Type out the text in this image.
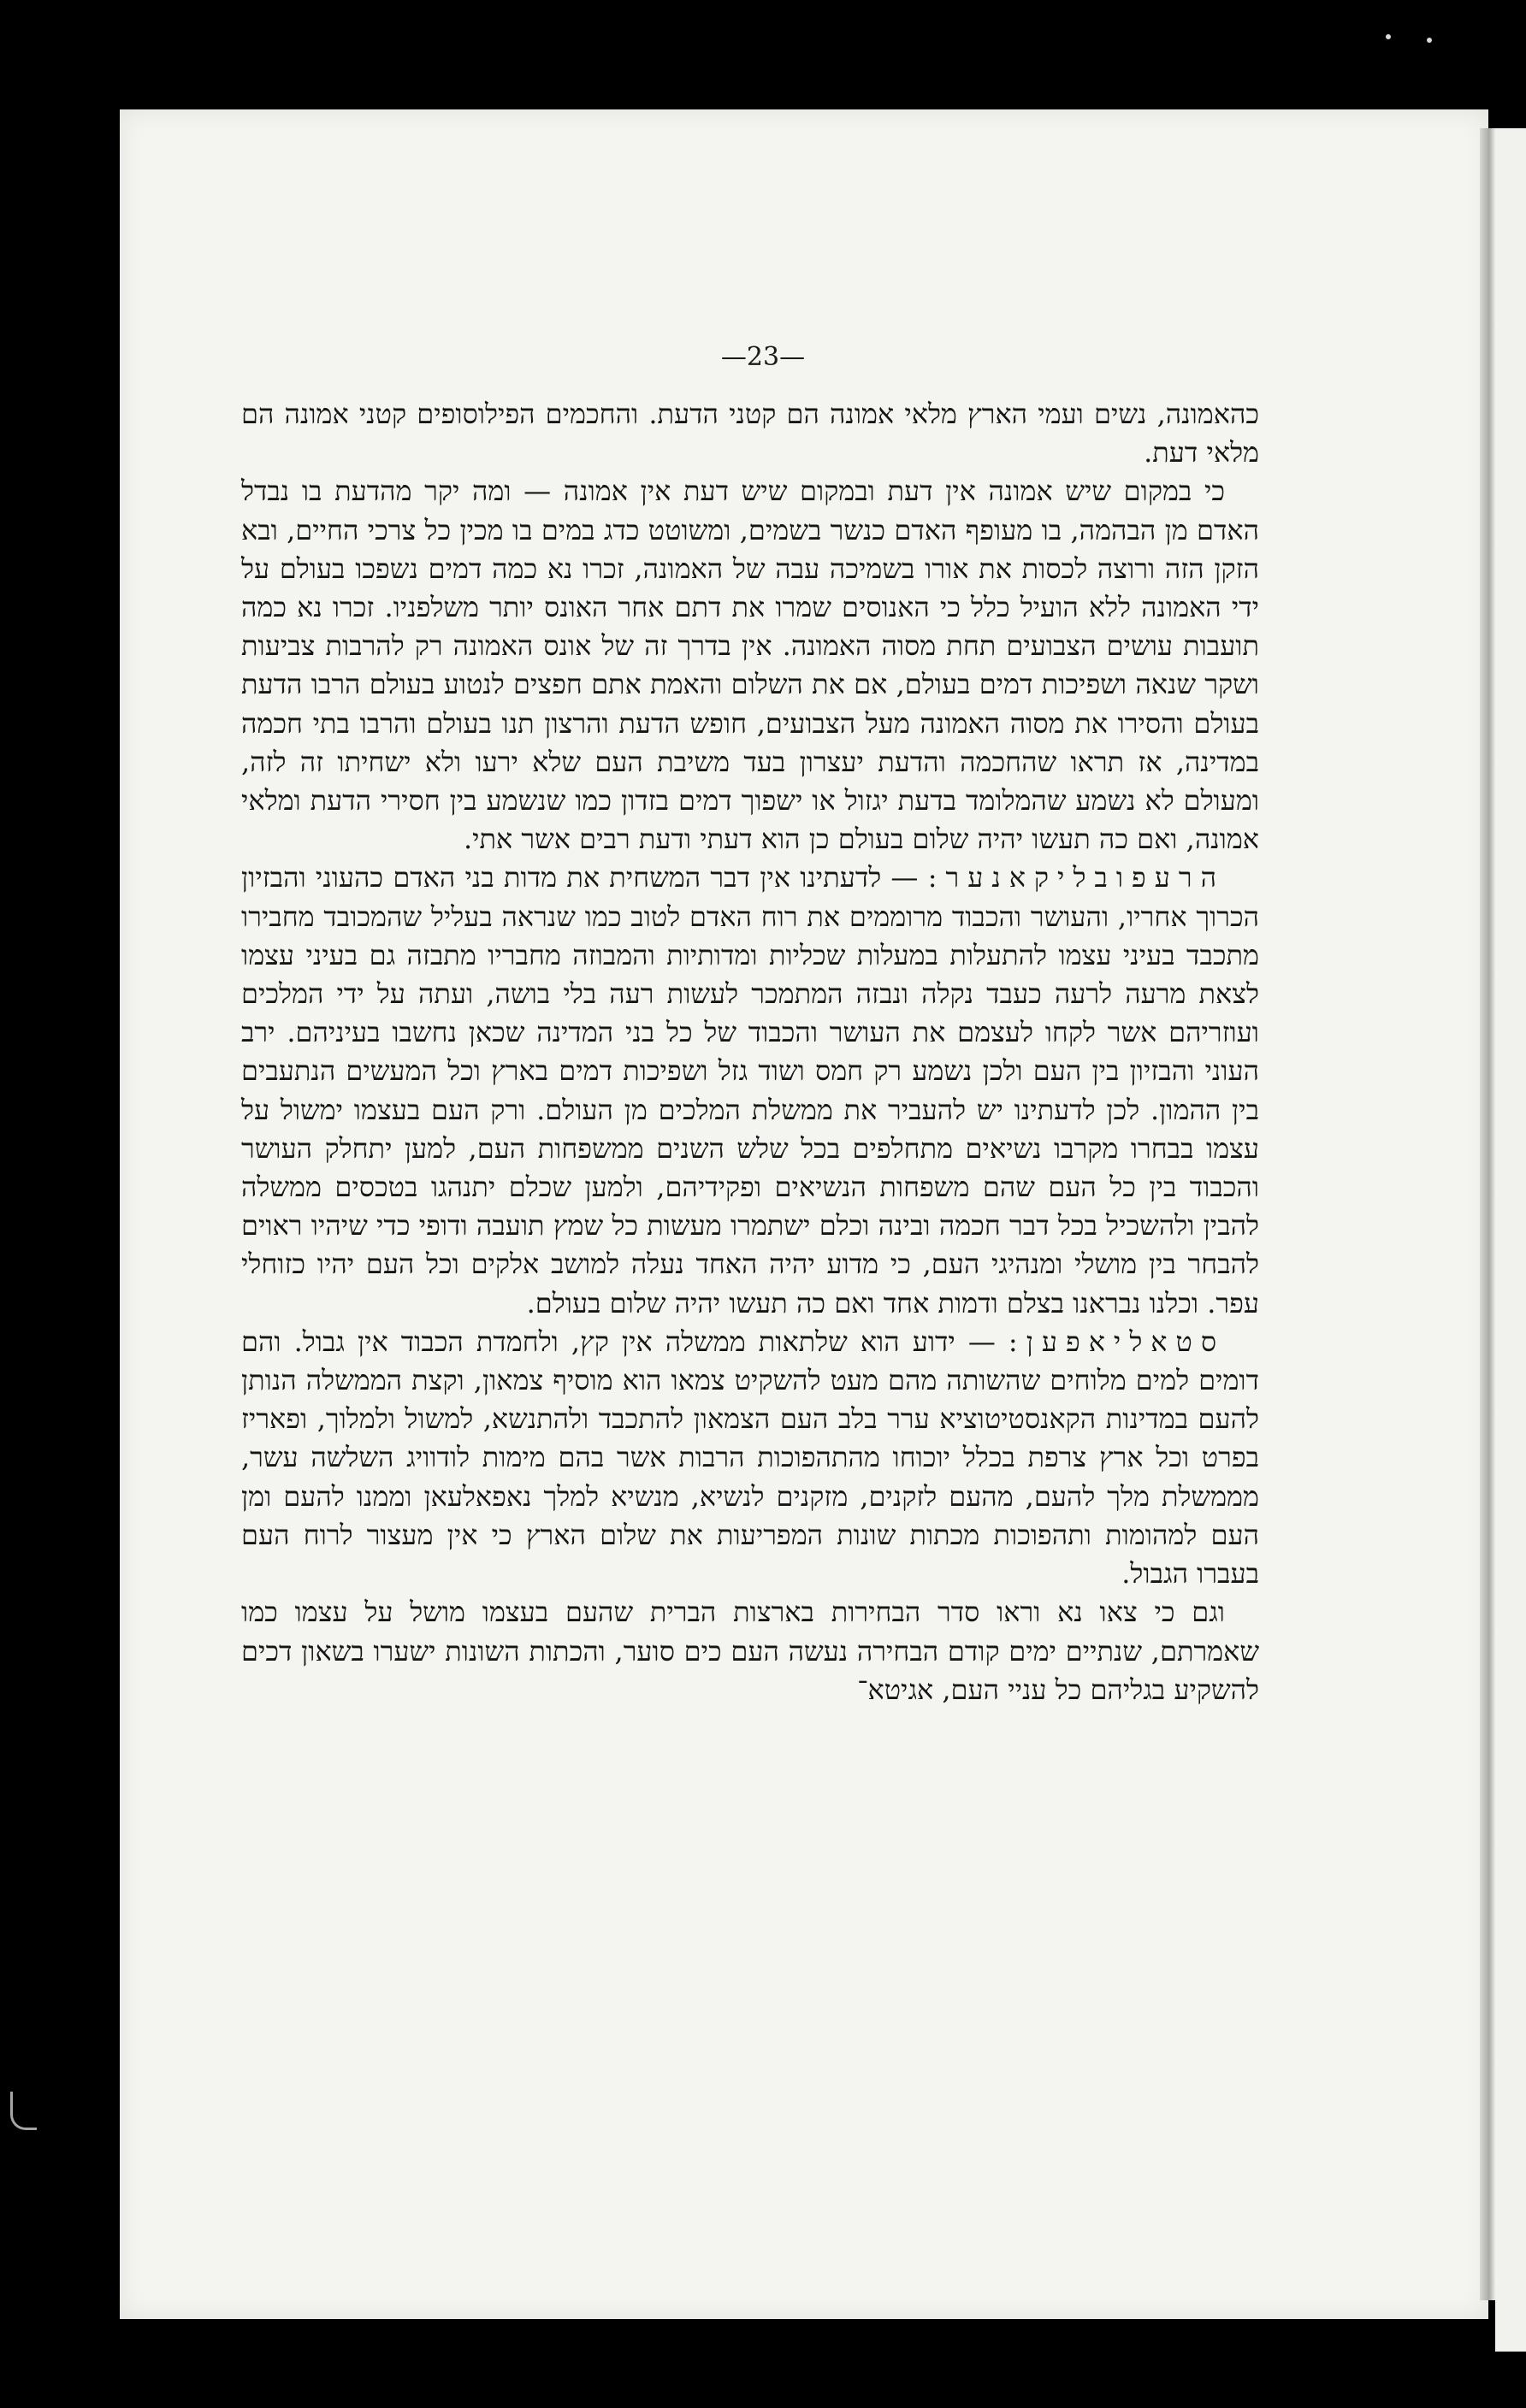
—23—

כהאמונה, נשים ועמי הארץ מלאי אמונה הם קטני הדעת. והחכמים הפילוסופים קטני אמונה הם מלאי דעת.

כי במקום שיש אמונה אין דעת ובמקום שיש דעת אין אמונה — ומה יקר מהדעת בו נבדל האדם מן הבהמה, בו מעופף האדם כנשר בשמים, ומשוטט כדג במים בו מכין כל צרכי החיים, ובא הזקן הזה ורוצה לכסות את אורו בשמיכה עבה של האמונה, זכרו נא כמה דמים נשפכו בעולם על ידי האמונה ללא הועיל כלל כי האנוסים שמרו את דתם אחר האונס יותר משלפניו. זכרו נא כמה תועבות עושים הצבועים תחת מסוה האמונה. אין בדרך זה של אונס האמונה רק להרבות צביעות ושקר שנאה ושפיכות דמים בעולם, אם את השלום והאמת אתם חפצים לנטוע בעולם הרבו הדעת בעולם והסירו את מסוה האמונה מעל הצבועים, חופש הדעת והרצון תנו בעולם והרבו בתי חכמה במדינה, אז תראו שהחכמה והדעת יעצרון בעד משיבת העם שלא ירעו ולא ישחיתו זה לזה, ומעולם לא נשמע שהמלומד בדעת יגזול או ישפוך דמים בזדון כמו שנשמע בין חסירי הדעת ומלאי אמונה, ואם כה תעשו יהיה שלום בעולם כן הוא דעתי ודעת רבים אשר אתי.

הרעפובליקאנער: — לדעתינו אין דבר המשחית את מדות בני האדם כהעוני והבזיון הכרוך אחריו, והעושר והכבוד מרוממים את רוח האדם לטוב כמו שנראה בעליל שהמכובד מחבירו מתכבד בעיני עצמו להתעלות במעלות שכליות ומדותיות והמבוזה מחבריו מתבזה גם בעיני עצמו לצאת מרעה לרעה כעבד נקלה ונבזה המתמכר לעשות רעה בלי בושה, ועתה על ידי המלכים ועוזריהם אשר לקחו לעצמם את העושר והכבוד של כל בני המדינה שכאן נחשבו בעיניהם. ירב העוני והבזיון בין העם ולכן נשמע רק חמס ושוד גזל ושפיכות דמים בארץ וכל המעשים הנתעבים בין ההמון. לכן לדעתינו יש להעביר את ממשלת המלכים מן העולם. ורק העם בעצמו ימשול על עצמו בבחרו מקרבו נשיאים מתחלפים בכל שלש השנים ממשפחות העם, למען יתחלק העושר והכבוד בין כל העם שהם משפחות הנשיאים ופקידיהם, ולמען שכלם יתנהגו בטכסים ממשלה להבין ולהשכיל בכל דבר חכמה ובינה וכלם ישתמרו מעשות כל שמץ תועבה ודופי כדי שיהיו ראוים להבחר בין מושלי ומנהיגי העם, כי מדוע יהיה האחד נעלה למושב אלקים וכל העם יהיו כזוחלי עפר. וכלנו נבראנו בצלם ודמות אחד ואם כה תעשו יהיה שלום בעולם.

סטאליאפען: — ידוע הוא שלתאות ממשלה אין קץ, ולחמדת הכבוד אין גבול. והם דומים למים מלוחים שהשותה מהם מעט להשקיט צמאו הוא מוסיף צמאון, וקצת הממשלה הנותן להעם במדינות הקאנסטיטוציא ערר בלב העם הצמאון להתכבד ולהתנשא, למשול ולמלוך, ופאריז בפרט וכל ארץ צרפת בכלל יוכוחו מהתהפוכות הרבות אשר בהם מימות לודוויג השלשה עשר, מממשלת מלך להעם, מהעם לזקנים, מזקנים לנשיא, מנשיא למלך נאפאלעאן וממנו להעם ומן העם למהומות ותהפוכות מכתות שונות המפריעות את שלום הארץ כי אין מעצור לרוח העם בעברו הגבול.

וגם כי צאו נא וראו סדר הבחירות בארצות הברית שהעם בעצמו מושל על עצמו כמו שאמרתם, שנתיים ימים קודם הבחירה נעשה העם כים סוער, והכתות השונות ישערו בשאון דכים להשקיע בגליהם כל עניי העם, אגיטא־
